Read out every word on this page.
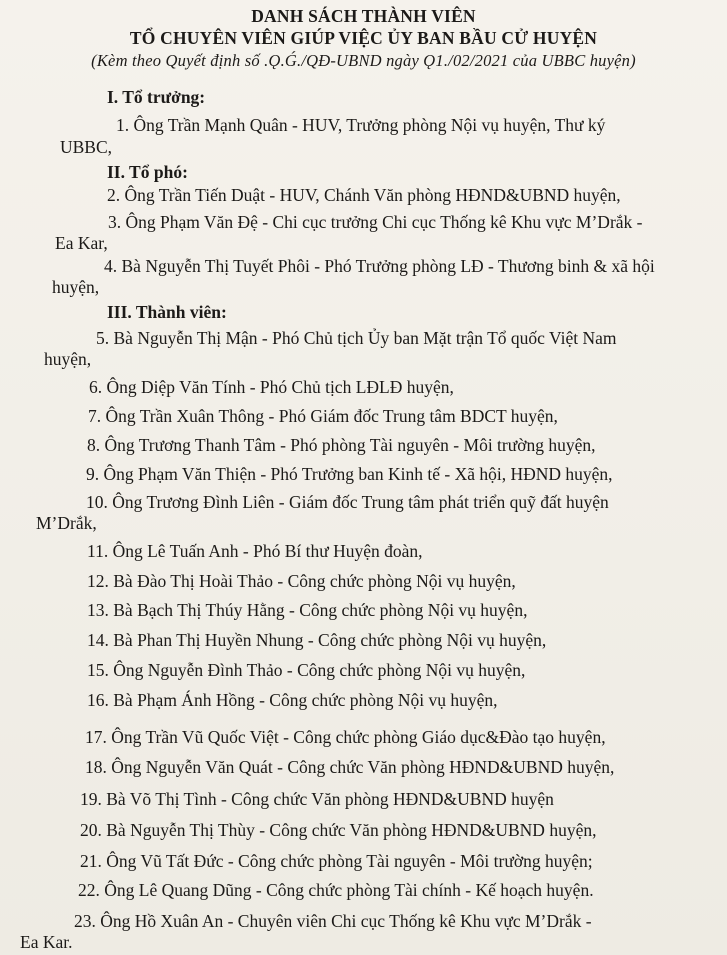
DANH SÁCH THÀNH VIÊN
TỔ CHUYÊN VIÊN GIÚP VIỆC ỦY BAN BẦU CỬ HUYỆN
(Kèm theo Quyết định số .Ǫ.Ǵ./QĐ-UBND ngày Ǫ1./02/2021 của UBBC huyện)
I. Tổ trưởng:
1. Ông Trần Mạnh Quân - HUV, Trưởng phòng Nội vụ huyện, Thư ký
UBBC,
II. Tổ phó:
2. Ông Trần Tiến Duật - HUV, Chánh Văn phòng HĐND&UBND huyện,
3. Ông Phạm Văn Đệ - Chi cục trưởng Chi cục Thống kê Khu vực M’Drắk -
Ea Kar,
4. Bà Nguyễn Thị Tuyết Phôi - Phó Trưởng phòng LĐ - Thương binh & xã hội
huyện,
III. Thành viên:
5. Bà Nguyễn Thị Mận - Phó Chủ tịch Ủy ban Mặt trận Tổ quốc Việt Nam
huyện,
6. Ông Diệp Văn Tính - Phó Chủ tịch LĐLĐ huyện,
7. Ông Trần Xuân Thông - Phó Giám đốc Trung tâm BDCT huyện,
8. Ông Trương Thanh Tâm - Phó phòng Tài nguyên - Môi trường huyện,
9. Ông Phạm Văn Thiện - Phó Trưởng ban Kinh tế - Xã hội, HĐND huyện,
10. Ông Trương Đình Liên - Giám đốc Trung tâm phát triển quỹ đất huyện
M’Drắk,
11. Ông Lê Tuấn Anh - Phó Bí thư Huyện đoàn,
12. Bà Đào Thị Hoài Thảo - Công chức phòng Nội vụ huyện,
13. Bà Bạch Thị Thúy Hằng - Công chức phòng Nội vụ huyện,
14. Bà Phan Thị Huyền Nhung - Công chức phòng Nội vụ huyện,
15. Ông Nguyễn Đình Thảo - Công chức phòng Nội vụ huyện,
16. Bà Phạm Ánh Hồng - Công chức phòng Nội vụ huyện,
17. Ông Trần Vũ Quốc Việt - Công chức phòng Giáo dục&Đào tạo huyện,
18. Ông Nguyễn Văn Quát - Công chức Văn phòng HĐND&UBND huyện,
19. Bà Võ Thị Tình - Công chức Văn phòng HĐND&UBND huyện
20. Bà Nguyễn Thị Thùy - Công chức Văn phòng HĐND&UBND huyện,
21. Ông Vũ Tất Đức - Công chức phòng Tài nguyên - Môi trường huyện;
22. Ông Lê Quang Dũng - Công chức phòng Tài chính - Kế hoạch huyện.
23. Ông Hồ Xuân An - Chuyên viên Chi cục Thống kê Khu vực M’Drắk -
Ea Kar.
